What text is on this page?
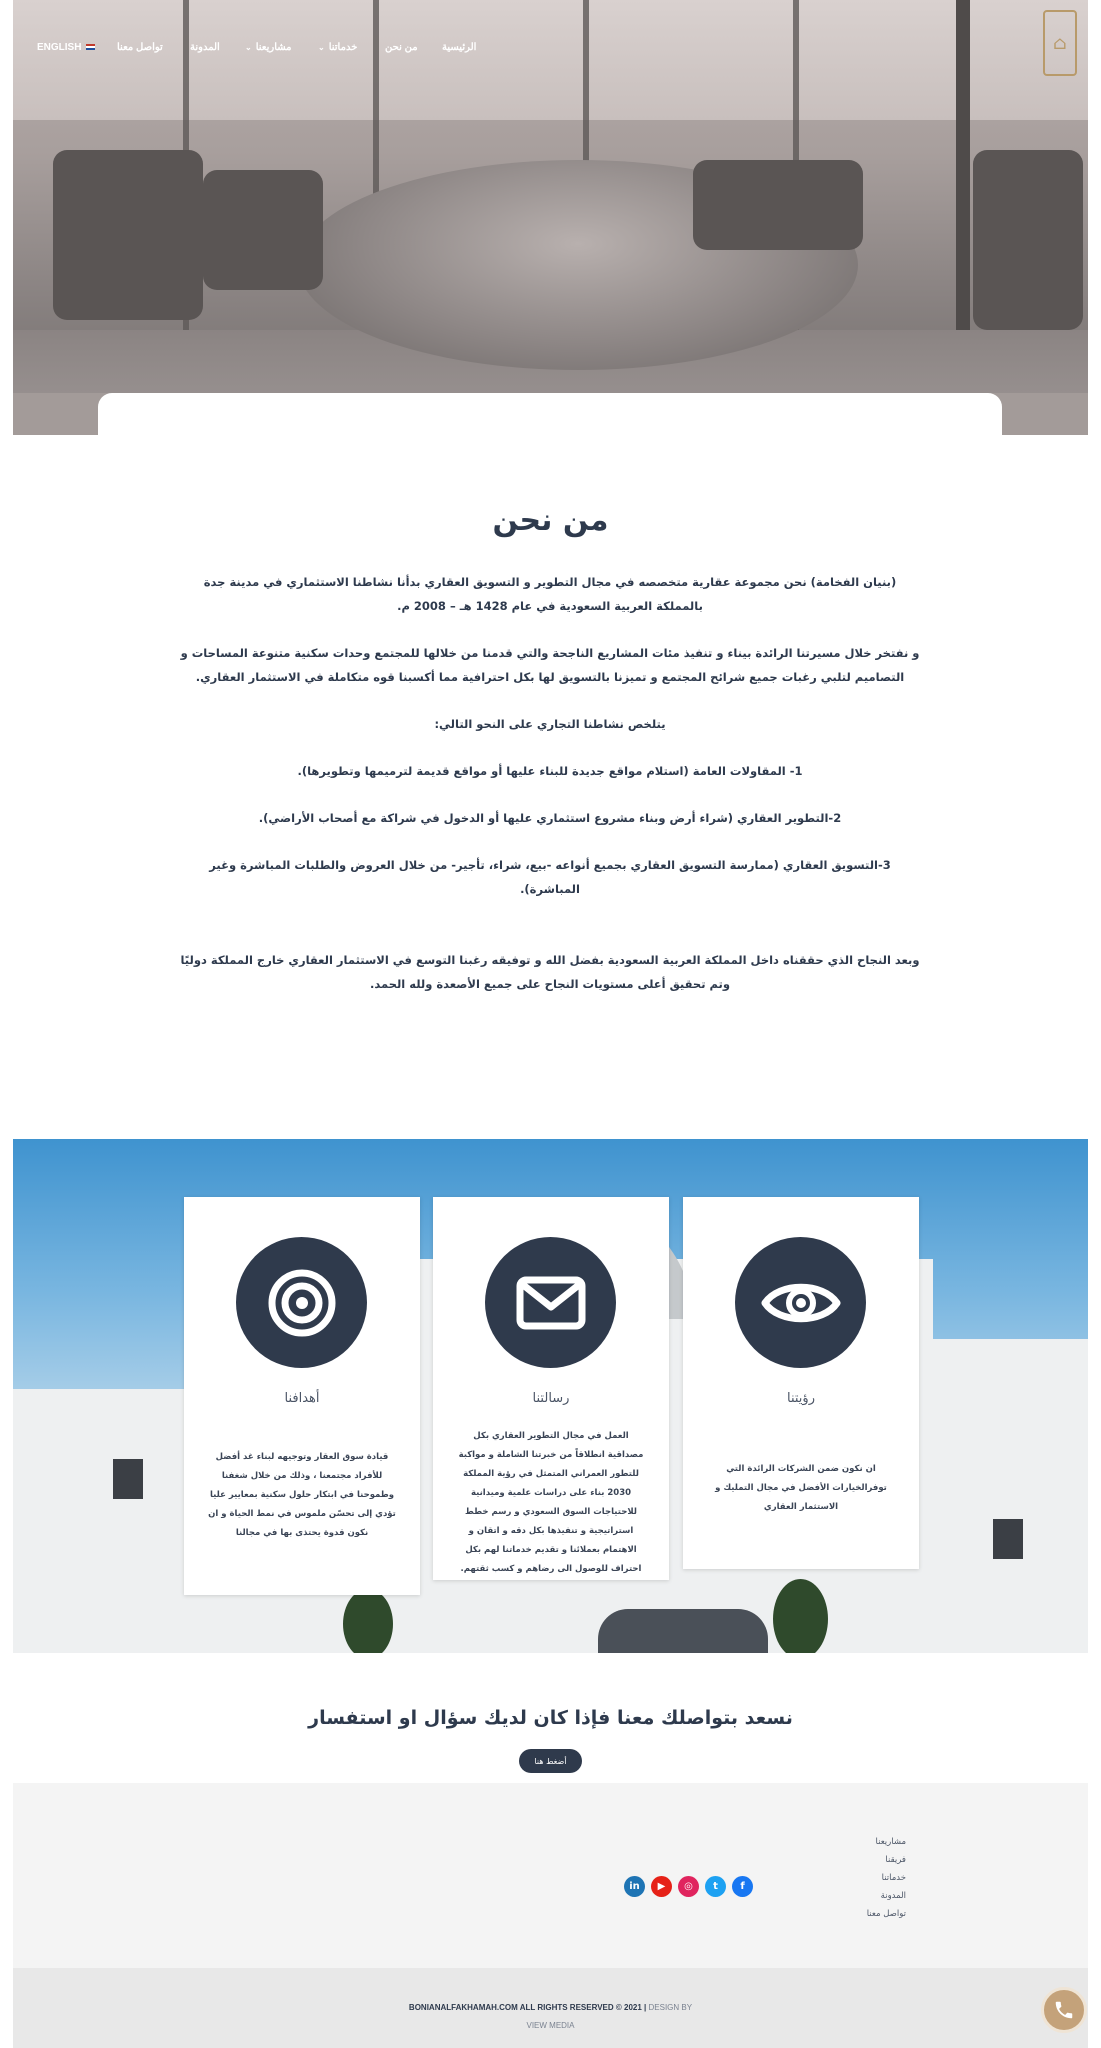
⌂
الرئيسية
من نحن
⌄ خدماتنا
⌄ مشاريعنا
المدونة
تواصل معنا
ENGLISH
من نحن

(بنيان الفخامة) نحن مجموعة عقارية متخصصه في مجال التطوير و التسويق العقاري بدأنا نشاطنا الاستثماري في مدينة جدة بالمملكة العربية السعودية في عام 1428 هـ – 2008 م.

و نفتخر خلال مسيرتنا الرائدة بيناء و تنفيذ مئات المشاريع الناجحة والتي قدمنا من خلالها للمجتمع وحدات سكنية متنوعة المساحات و التصاميم لتلبي رغبات جميع شرائح المجتمع و تميزنا بالتسويق لها بكل احترافية مما أكسبنا قوه متكاملة في الاستثمار العقاري.

يتلخص نشاطنا التجاري على النحو التالي:

1- المقاولات العامة (استلام مواقع جديدة للبناء عليها أو مواقع قديمة لترميمها وتطويرها).

2-التطوير العقاري (شراء أرض وبناء مشروع استثماري عليها أو الدخول في شراكة مع أصحاب الأراضي).

3-التسويق العقاري (ممارسة التسويق العقاري بجميع أنواعه -بيع، شراء، تأجير- من خلال العروض والطلبات المباشرة وغير المباشرة).

وبعد النجاح الذي حققناه داخل المملكة العربية السعودية بفضل الله و توفيقه رغبنا التوسع في الاستثمار العقاري خارج المملكة دوليًا وتم تحقيق أعلى مستويات النجاح على جميع الأصعدة ولله الحمد.

أهدافنا
قيادة سوق العقار وتوجيهه لبناء غد أفضل للأفراد مجتمعنا ، وذلك من خلال شغفنا وطموحنا في ابتكار حلول سكنية بمعايير عليا تؤدي إلى تحسّن ملموس في نمط الحياة و ان نكون قدوة يحتذى بها في مجالنا
رسالتنا
العمل في مجال التطوير العقاري بكل مصداقية انطلاقاً من خبرتنا الشاملة و مواكبة للتطور العمراني المتمثل في رؤية المملكة 2030 بناء على دراسات علمية وميدانية للاحتياجات السوق السعودي و رسم خطط استراتيجية و تنفيذها بكل دقه و اتقان و الاهتمام بعملائنا و تقديم خدماتنا لهم بكل احتراف للوصول الى رضاهم و كسب ثقتهم.
رؤيتنا
ان نكون ضمن الشركات الرائدة التي توفرالخيارات الأفضل في مجال التمليك و الاستثمار العقاري
نسعد بتواصلك معنا فإذا كان لديك سؤال او استفسار
أضغط هنا
مشاريعنا
فريقنا
خدماتنا
المدونة
تواصل معنا
in	▶	◎	t	f
BONIANALFAKHAMAH.COM ALL RIGHTS RESERVED © 2021 | DESIGN BY
VIEW MEDIA
